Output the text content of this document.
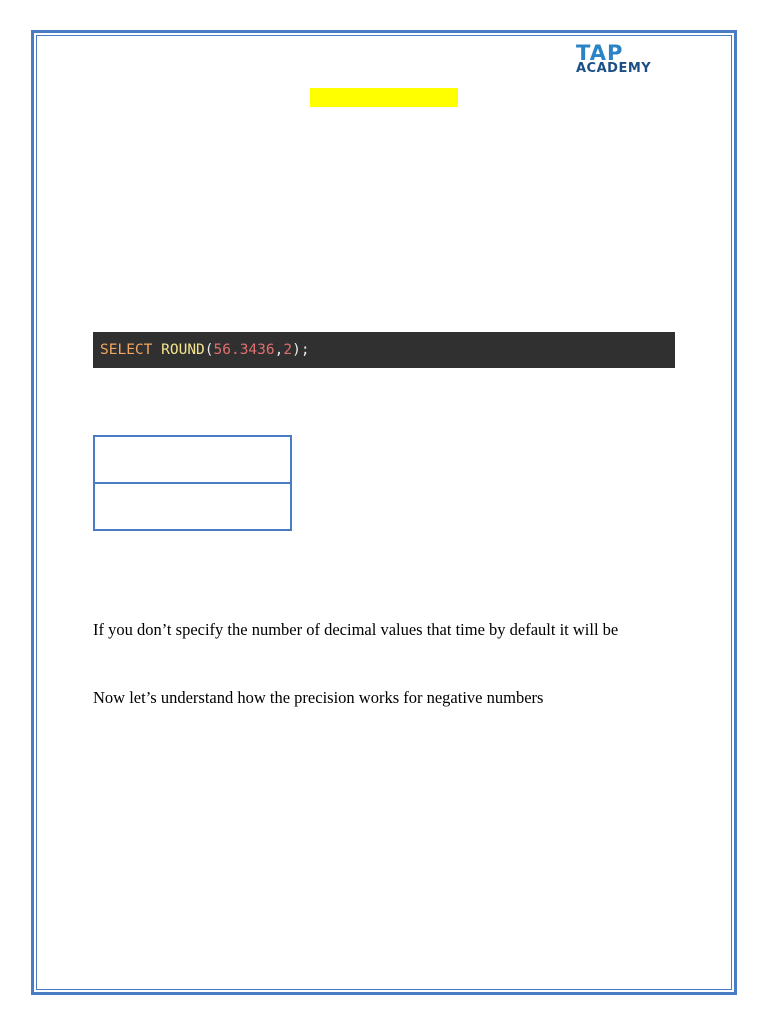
TAP
ACADEMY
SELECT ROUND(56.3436,2);

If you don’t specify the number of decimal values that time by default it will be

Now let’s understand how the precision works for negative numbers
